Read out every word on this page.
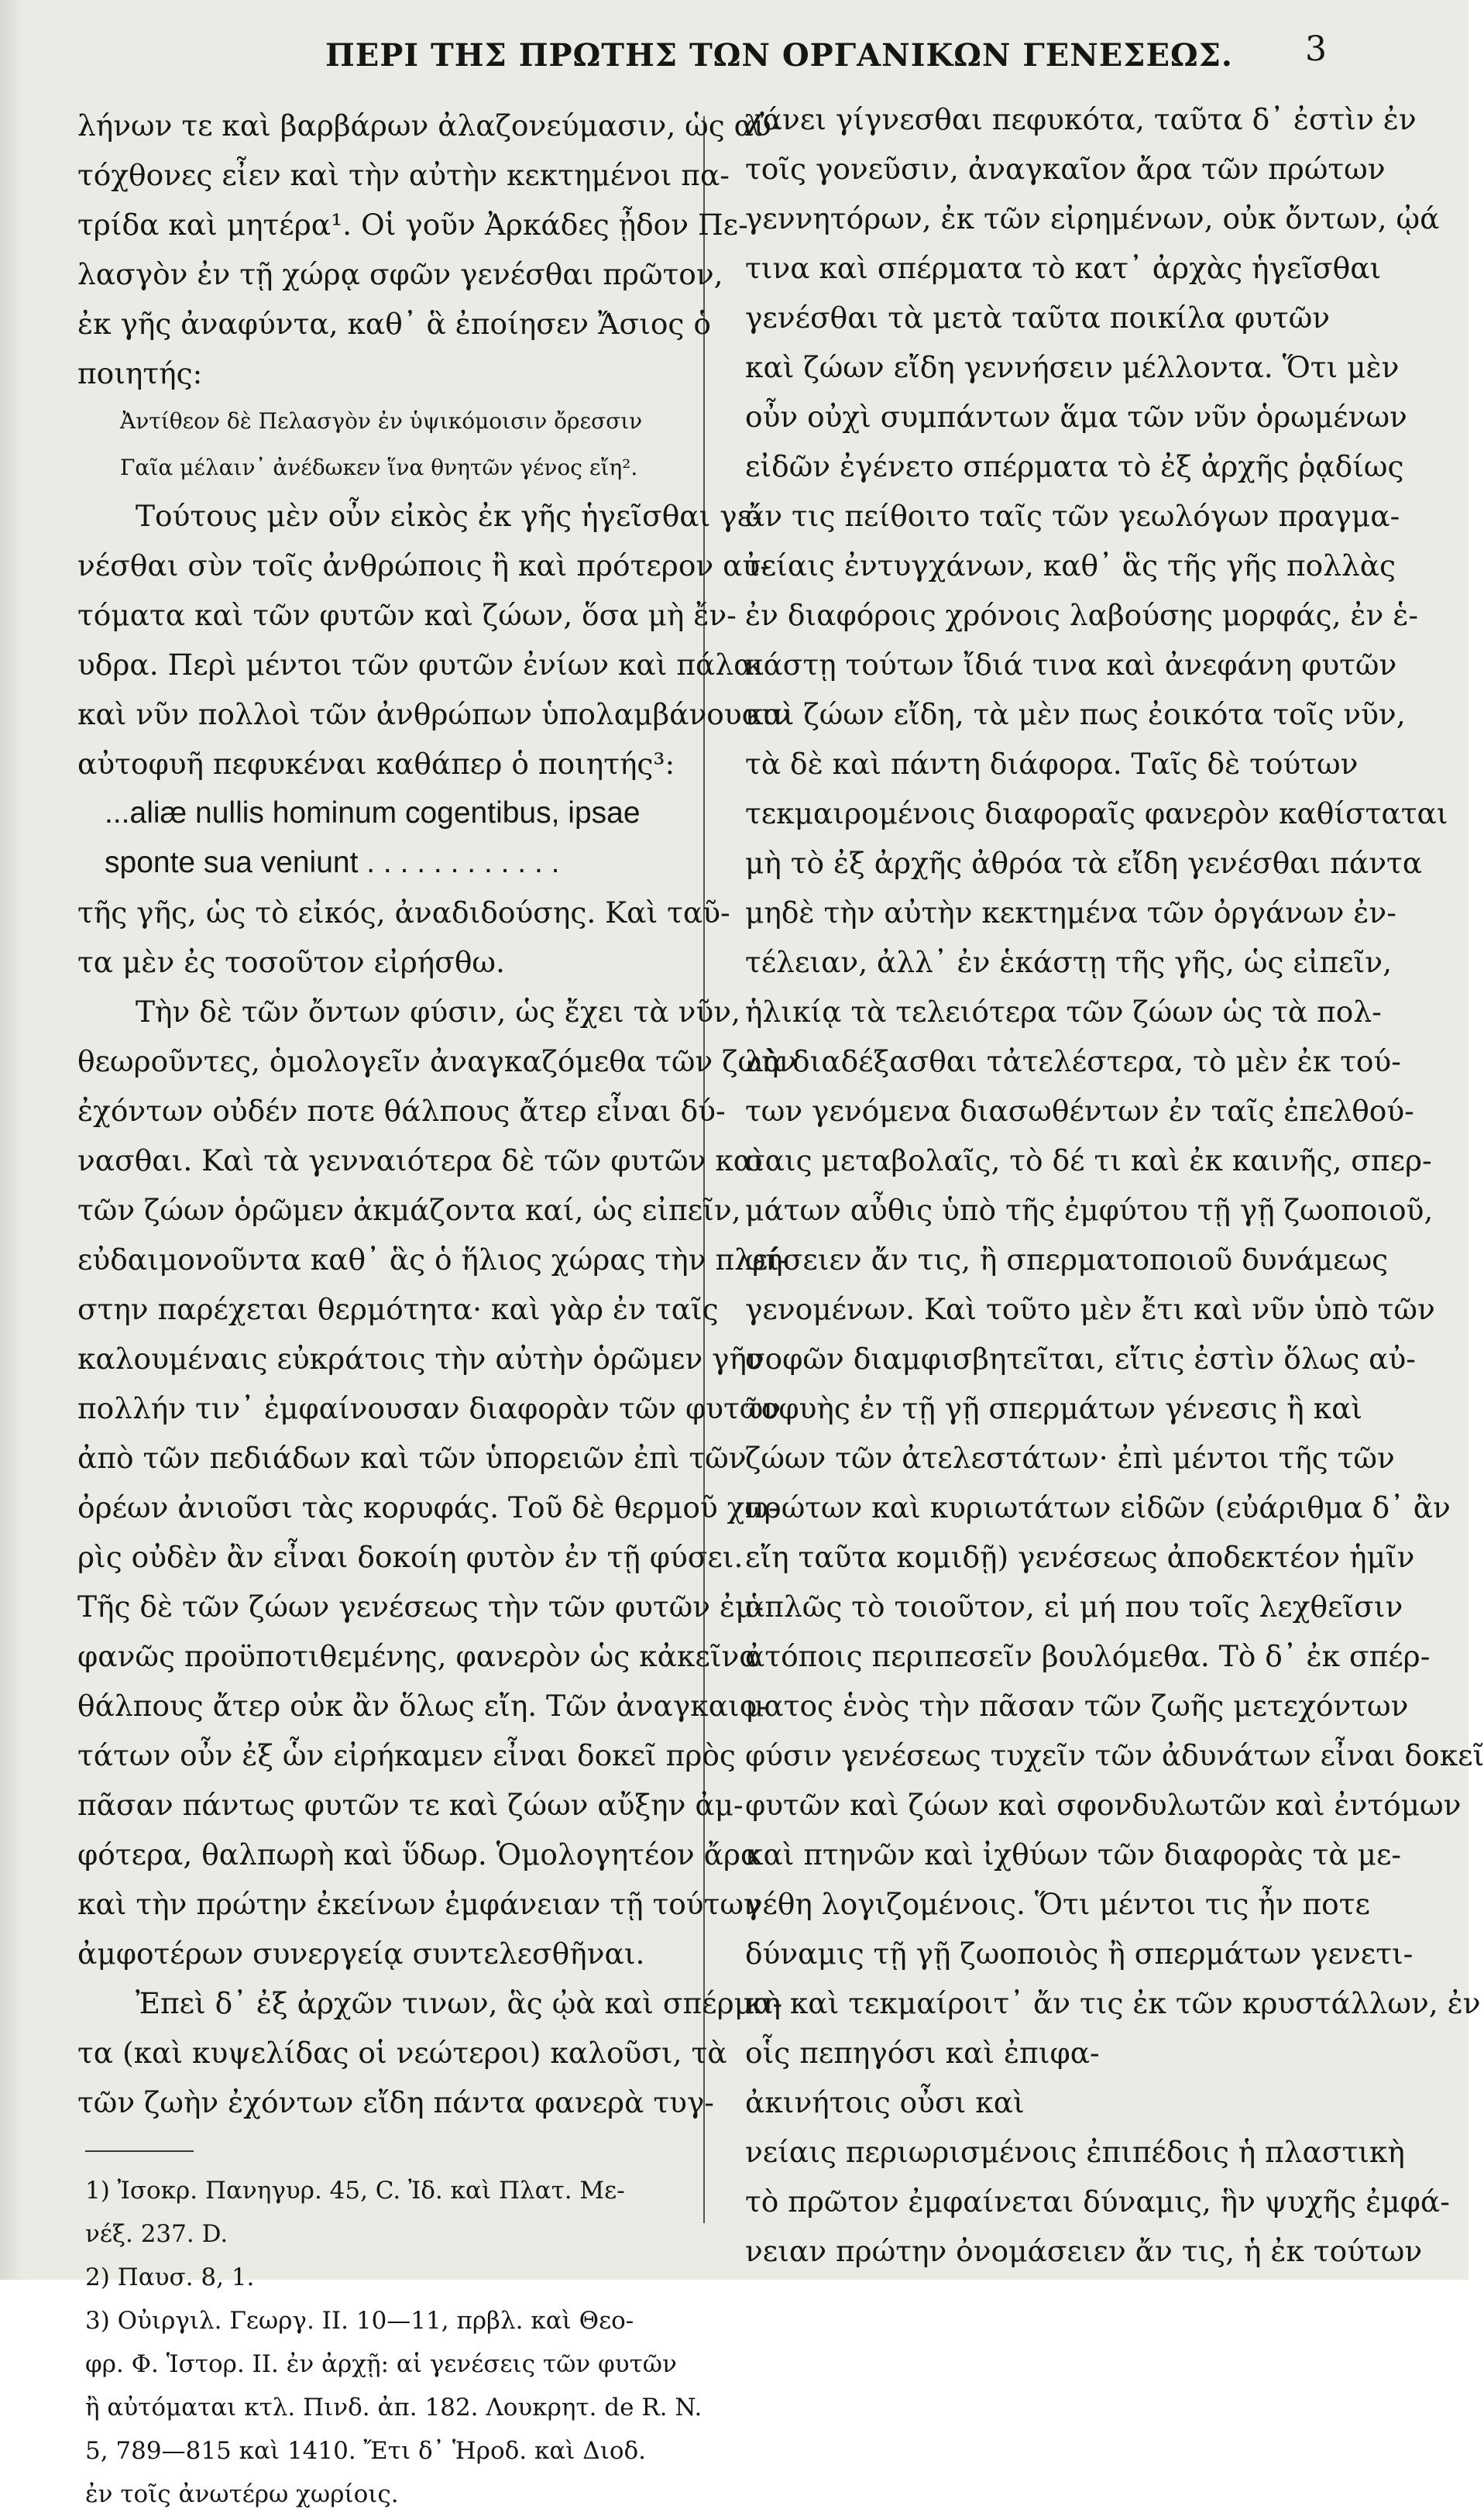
ΠΕΡΙ ΤΗΣ ΠΡΩΤΗΣ ΤΩΝ ΟΡΓΑΝΙΚΩΝ ΓΕΝΕΣΕΩΣ. 3
λήνων τε καὶ βαρβάρων ἀλαζονεύμασιν, ὡς αὐ-
τόχθονες εἶεν καὶ τὴν αὐτὴν κεκτημένοι πα-
τρίδα καὶ μητέρα¹. Οἱ γοῦν Ἀρκάδες ᾖδον Πε-
λασγὸν ἐν τῇ χώρᾳ σφῶν γενέσθαι πρῶτον,
ἐκ γῆς ἀναφύντα, καθ᾽ ἃ ἐποίησεν Ἄσιος ὁ
ποιητής:
Ἀντίθεον δὲ Πελασγὸν ἐν ὑψικόμοισιν ὄρεσσιν
Γαῖα μέλαιν᾽ ἀνέδωκεν ἵνα θνητῶν γένος εἴη².
Τούτους μὲν οὖν εἰκὸς ἐκ γῆς ἡγεῖσθαι γε-
νέσθαι σὺν τοῖς ἀνθρώποις ἢ καὶ πρότερον αὐ-
τόματα καὶ τῶν φυτῶν καὶ ζώων, ὅσα μὴ ἔν-
υδρα. Περὶ μέντοι τῶν φυτῶν ἐνίων καὶ πάλαι
καὶ νῦν πολλοὶ τῶν ἀνθρώπων ὑπολαμβάνουσιν
αὐτοφυῆ πεφυκέναι καθάπερ ὁ ποιητής³:
...aliæ nullis hominum cogentibus, ipsae
sponte sua veniunt . . . . . . . . . . . .
τῆς γῆς, ὡς τὸ εἰκός, ἀναδιδούσης. Καὶ ταῦ-
τα μὲν ἐς τοσοῦτον εἰρήσθω.
Τὴν δὲ τῶν ὄντων φύσιν, ὡς ἔχει τὰ νῦν,
θεωροῦντες, ὁμολογεῖν ἀναγκαζόμεθα τῶν ζωὴν
ἐχόντων οὐδέν ποτε θάλπους ἄτερ εἶναι δύ-
νασθαι. Καὶ τὰ γενναιότερα δὲ τῶν φυτῶν καὶ
τῶν ζώων ὁρῶμεν ἀκμάζοντα καί, ὡς εἰπεῖν,
εὐδαιμονοῦντα καθ᾽ ἃς ὁ ἥλιος χώρας τὴν πλεί-
στην παρέχεται θερμότητα· καὶ γὰρ ἐν ταῖς
καλουμέναις εὐκράτοις τὴν αὐτὴν ὁρῶμεν γῆν
πολλήν τιν᾽ ἐμφαίνουσαν διαφορὰν τῶν φυτῶν
ἀπὸ τῶν πεδιάδων καὶ τῶν ὑπορειῶν ἐπὶ τῶν
ὀρέων ἀνιοῦσι τὰς κορυφάς. Τοῦ δὲ θερμοῦ χω-
ρὶς οὐδὲν ἂν εἶναι δοκοίη φυτὸν ἐν τῇ φύσει.
Τῆς δὲ τῶν ζώων γενέσεως τὴν τῶν φυτῶν ἐμ-
φανῶς προϋποτιθεμένης, φανερὸν ὡς κἀκεῖνα
θάλπους ἄτερ οὐκ ἂν ὅλως εἴη. Τῶν ἀναγκαιο-
τάτων οὖν ἐξ ὧν εἰρήκαμεν εἶναι δοκεῖ πρὸς
πᾶσαν πάντως φυτῶν τε καὶ ζώων αὔξην ἀμ-
φότερα, θαλπωρὴ καὶ ὕδωρ. Ὁμολογητέον ἄρα
καὶ τὴν πρώτην ἐκείνων ἐμφάνειαν τῇ τούτων
ἀμφοτέρων συνεργείᾳ συντελεσθῆναι.
Ἐπεὶ δ᾽ ἐξ ἀρχῶν τινων, ἃς ᾠὰ καὶ σπέρμα-
τα (καὶ κυψελίδας οἱ νεώτεροι) καλοῦσι, τὰ
τῶν ζωὴν ἐχόντων εἴδη πάντα φανερὰ τυγ-
1) Ἰσοκρ. Πανηγυρ. 45, C. Ἰδ. καὶ Πλατ. Με-
νέξ. 237. D.
2) Παυσ. 8, 1.
3) Οὐιργιλ. Γεωργ. II. 10—11, πρβλ. καὶ Θεο-
φρ. Φ. Ἱστορ. II. ἐν ἀρχῇ: αἱ γενέσεις τῶν φυτῶν
ἢ αὐτόμαται κτλ. Πινδ. ἀπ. 182. Λουκρητ. de R. N.
5, 789—815 καὶ 1410. Ἔτι δ᾽ Ἡροδ. καὶ Διοδ.
ἐν τοῖς ἀνωτέρω χωρίοις.
χάνει γίγνεσθαι πεφυκότα, ταῦτα δ᾽ ἐστὶν ἐν
τοῖς γονεῦσιν, ἀναγκαῖον ἄρα τῶν πρώτων
γεννητόρων, ἐκ τῶν εἰρημένων, οὐκ ὄντων, ᾠά
τινα καὶ σπέρματα τὸ κατ᾽ ἀρχὰς ἡγεῖσθαι
γενέσθαι τὰ μετὰ ταῦτα ποικίλα φυτῶν
καὶ ζώων εἴδη γεννήσειν μέλλοντα. Ὅτι μὲν
οὖν οὐχὶ συμπάντων ἅμα τῶν νῦν ὁρωμένων
εἰδῶν ἐγένετο σπέρματα τὸ ἐξ ἀρχῆς ῥᾳδίως
ἄν τις πείθοιτο ταῖς τῶν γεωλόγων πραγμα-
τείαις ἐντυγχάνων, καθ᾽ ἃς τῆς γῆς πολλὰς
ἐν διαφόροις χρόνοις λαβούσης μορφάς, ἐν ἑ-
κάστῃ τούτων ἴδιά τινα καὶ ἀνεφάνη φυτῶν
καὶ ζώων εἴδη, τὰ μὲν πως ἐοικότα τοῖς νῦν,
τὰ δὲ καὶ πάντη διάφορα. Ταῖς δὲ τούτων
τεκμαιρομένοις διαφοραῖς φανερὸν καθίσταται
μὴ τὸ ἐξ ἀρχῆς ἀθρόα τὰ εἴδη γενέσθαι πάντα
μηδὲ τὴν αὐτὴν κεκτημένα τῶν ὀργάνων ἐν-
τέλειαν, ἀλλ᾽ ἐν ἑκάστῃ τῆς γῆς, ὡς εἰπεῖν,
ἡλικίᾳ τὰ τελειότερα τῶν ζώων ὡς τὰ πολ-
λὰ διαδέξασθαι τἀτελέστερα, τὸ μὲν ἐκ τού-
των γενόμενα διασωθέντων ἐν ταῖς ἐπελθού-
σαις μεταβολαῖς, τὸ δέ τι καὶ ἐκ καινῆς, σπερ-
μάτων αὖθις ὑπὸ τῆς ἐμφύτου τῇ γῇ ζωοποιοῦ,
φήσειεν ἄν τις, ἢ σπερματοποιοῦ δυνάμεως
γενομένων. Καὶ τοῦτο μὲν ἔτι καὶ νῦν ὑπὸ τῶν
σοφῶν διαμφισβητεῖται, εἴτις ἐστὶν ὅλως αὐ-
τοφυὴς ἐν τῇ γῇ σπερμάτων γένεσις ἢ καὶ
ζώων τῶν ἀτελεστάτων· ἐπὶ μέντοι τῆς τῶν
πρώτων καὶ κυριωτάτων εἰδῶν (εὐάριθμα δ᾽ ἂν
εἴη ταῦτα κομιδῇ) γενέσεως ἀποδεκτέον ἡμῖν
ἁπλῶς τὸ τοιοῦτον, εἰ μή που τοῖς λεχθεῖσιν
ἀτόποις περιπεσεῖν βουλόμεθα. Τὸ δ᾽ ἐκ σπέρ-
ματος ἑνὸς τὴν πᾶσαν τῶν ζωῆς μετεχόντων
φύσιν γενέσεως τυχεῖν τῶν ἀδυνάτων εἶναι δοκεῖ
φυτῶν καὶ ζώων καὶ σφονδυλωτῶν καὶ ἐντόμων
καὶ πτηνῶν καὶ ἰχθύων τῶν διαφορὰς τὰ με-
γέθη λογιζομένοις. Ὅτι μέντοι τις ἦν ποτε
δύναμις τῇ γῇ ζωοποιὸς ἢ σπερμάτων γενετι-
κὴ καὶ τεκμαίροιτ᾽ ἄν τις ἐκ τῶν κρυστάλλων, ἐν
οἷς πεπηγόσι καὶ ἐπιφα-
ἀκινήτοις οὖσι καὶ
νείαις περιωρισμένοις ἐπιπέδοις ἡ πλαστικὴ
τὸ πρῶτον ἐμφαίνεται δύναμις, ἣν ψυχῆς ἐμφά-
νειαν πρώτην ὀνομάσειεν ἄν τις, ἡ ἐκ τούτων
